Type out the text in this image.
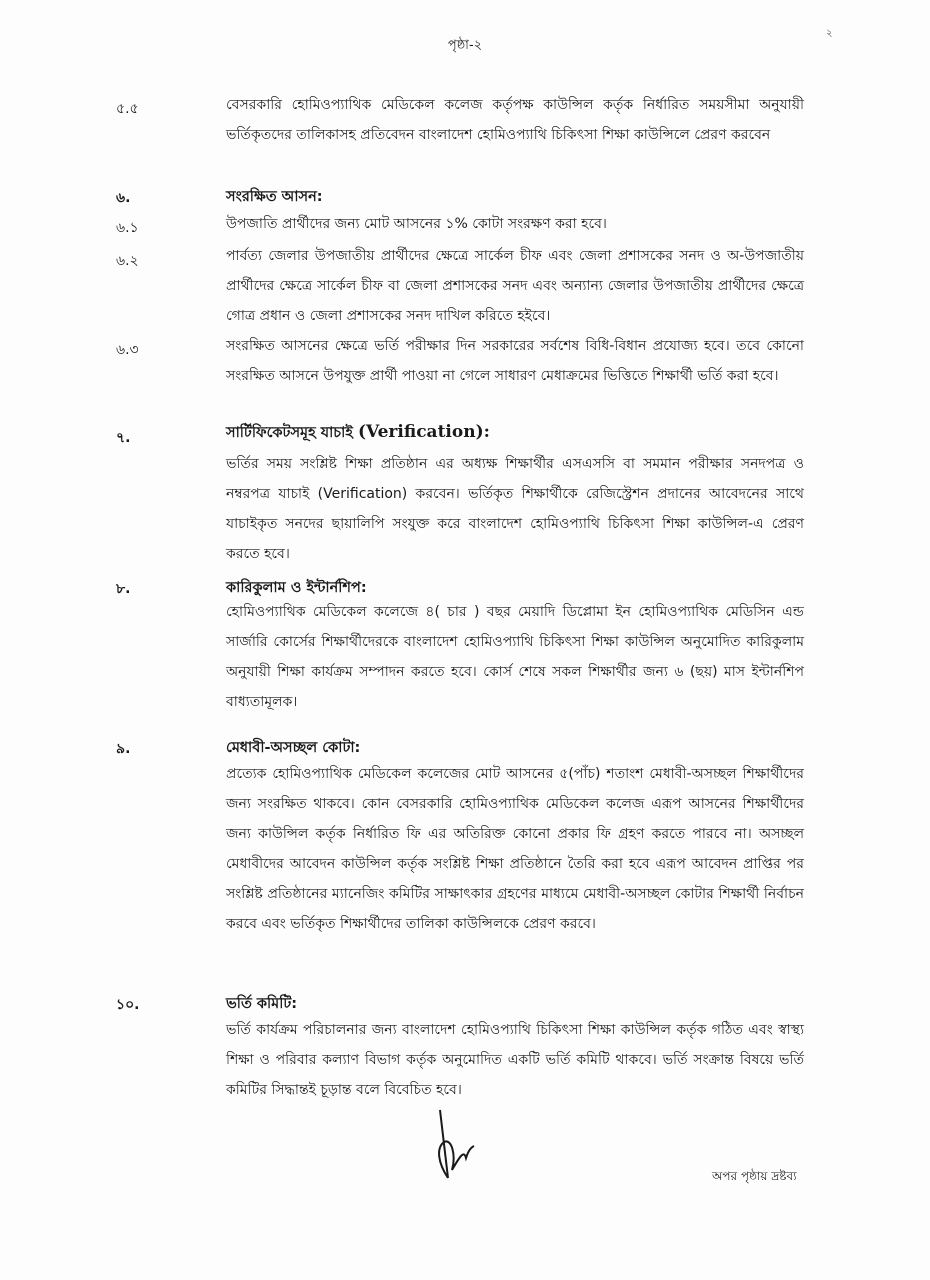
পৃষ্ঠা-২
২
৫.৫	বেসরকারি হোমিওপ্যাথিক মেডিকেল কলেজ কর্তৃপক্ষ কাউন্সিল কর্তৃক নির্ধারিত সময়সীমা অনুযায়ী ভর্তিকৃতদের তালিকাসহ প্রতিবেদন বাংলাদেশ হোমিওপ্যাথি চিকিৎসা শিক্ষা কাউন্সিলে প্রেরণ করবেন
৬.	সংরক্ষিত আসন:
৬.১	উপজাতি প্রার্থীদের জন্য মোট আসনের ১% কোটা সংরক্ষণ করা হবে।
৬.২	পার্বত্য জেলার উপজাতীয় প্রার্থীদের ক্ষেত্রে সার্কেল চীফ এবং জেলা প্রশাসকের সনদ ও অ-উপজাতীয় প্রার্থীদের ক্ষেত্রে সার্কেল চীফ বা জেলা প্রশাসকের সনদ এবং অন্যান্য জেলার উপজাতীয় প্রার্থীদের ক্ষেত্রে গোত্র প্রধান ও জেলা প্রশাসকের সনদ দাখিল করিতে হইবে।
৬.৩	সংরক্ষিত আসনের ক্ষেত্রে ভর্তি পরীক্ষার দিন সরকারের সর্বশেষ বিধি-বিধান প্রযোজ্য হবে। তবে কোনো সংরক্ষিত আসনে উপযুক্ত প্রার্থী পাওয়া না গেলে সাধারণ মেধাক্রমের ভিত্তিতে শিক্ষার্থী ভর্তি করা হবে।
৭.	সার্টিফিকেটসমূহ যাচাই (Verification):
ভর্তির সময় সংশ্লিষ্ট শিক্ষা প্রতিষ্ঠান এর অধ্যক্ষ শিক্ষার্থীর এসএসসি বা সমমান পরীক্ষার সনদপত্র ও নম্বরপত্র যাচাই (Verification) করবেন। ভর্তিকৃত শিক্ষার্থীকে রেজিস্ট্রেশন প্রদানের আবেদনের সাথে যাচাইকৃত সনদের ছায়ালিপি সংযুক্ত করে বাংলাদেশ হোমিওপ্যাথি চিকিৎসা শিক্ষা কাউন্সিল-এ প্রেরণ করতে হবে।
৮.	কারিকুলাম ও ইন্টার্নশিপ:
হোমিওপ্যাথিক মেডিকেল কলেজে ৪( চার ) বছর মেয়াদি ডিপ্লোমা ইন হোমিওপ্যাথিক মেডিসিন এন্ড সার্জারি কোর্সের শিক্ষার্থীদেরকে বাংলাদেশ হোমিওপ্যাথি চিকিৎসা শিক্ষা কাউন্সিল অনুমোদিত কারিকুলাম অনুযায়ী শিক্ষা কার্যক্রম সম্পাদন করতে হবে। কোর্স শেষে সকল শিক্ষার্থীর জন্য ৬ (ছয়) মাস ইন্টার্নশিপ বাধ্যতামূলক।
৯.	মেধাবী-অসচ্ছল কোটা:
প্রত্যেক হোমিওপ্যাথিক মেডিকেল কলেজের মোট আসনের ৫(পাঁচ) শতাংশ মেধাবী-অসচ্ছল শিক্ষার্থীদের জন্য সংরক্ষিত থাকবে। কোন বেসরকারি হোমিওপ্যাথিক মেডিকেল কলেজ এরূপ আসনের শিক্ষার্থীদের জন্য কাউন্সিল কর্তৃক নির্ধারিত ফি এর অতিরিক্ত কোনো প্রকার ফি গ্রহণ করতে পারবে না। অসচ্ছল মেধাবীদের আবেদন কাউন্সিল কর্তৃক সংশ্লিষ্ট শিক্ষা প্রতিষ্ঠানে তৈরি করা হবে এরূপ আবেদন প্রাপ্তির পর সংশ্লিষ্ট প্রতিষ্ঠানের ম্যানেজিং কমিটির সাক্ষাৎকার গ্রহণের মাধ্যমে মেধাবী-অসচ্ছল কোটার শিক্ষার্থী নির্বাচন করবে এবং ভর্তিকৃত শিক্ষার্থীদের তালিকা কাউন্সিলকে প্রেরণ করবে।
১০.	ভর্তি কমিটি:
ভর্তি কার্যক্রম পরিচালনার জন্য বাংলাদেশ হোমিওপ্যাথি চিকিৎসা শিক্ষা কাউন্সিল কর্তৃক গঠিত এবং স্বাস্থ্য শিক্ষা ও পরিবার কল্যাণ বিভাগ কর্তৃক অনুমোদিত একটি ভর্তি কমিটি থাকবে। ভর্তি সংক্রান্ত বিষয়ে ভর্তি কমিটির সিদ্ধান্তই চূড়ান্ত বলে বিবেচিত হবে।
অপর পৃষ্ঠায় দ্রষ্টব্য
